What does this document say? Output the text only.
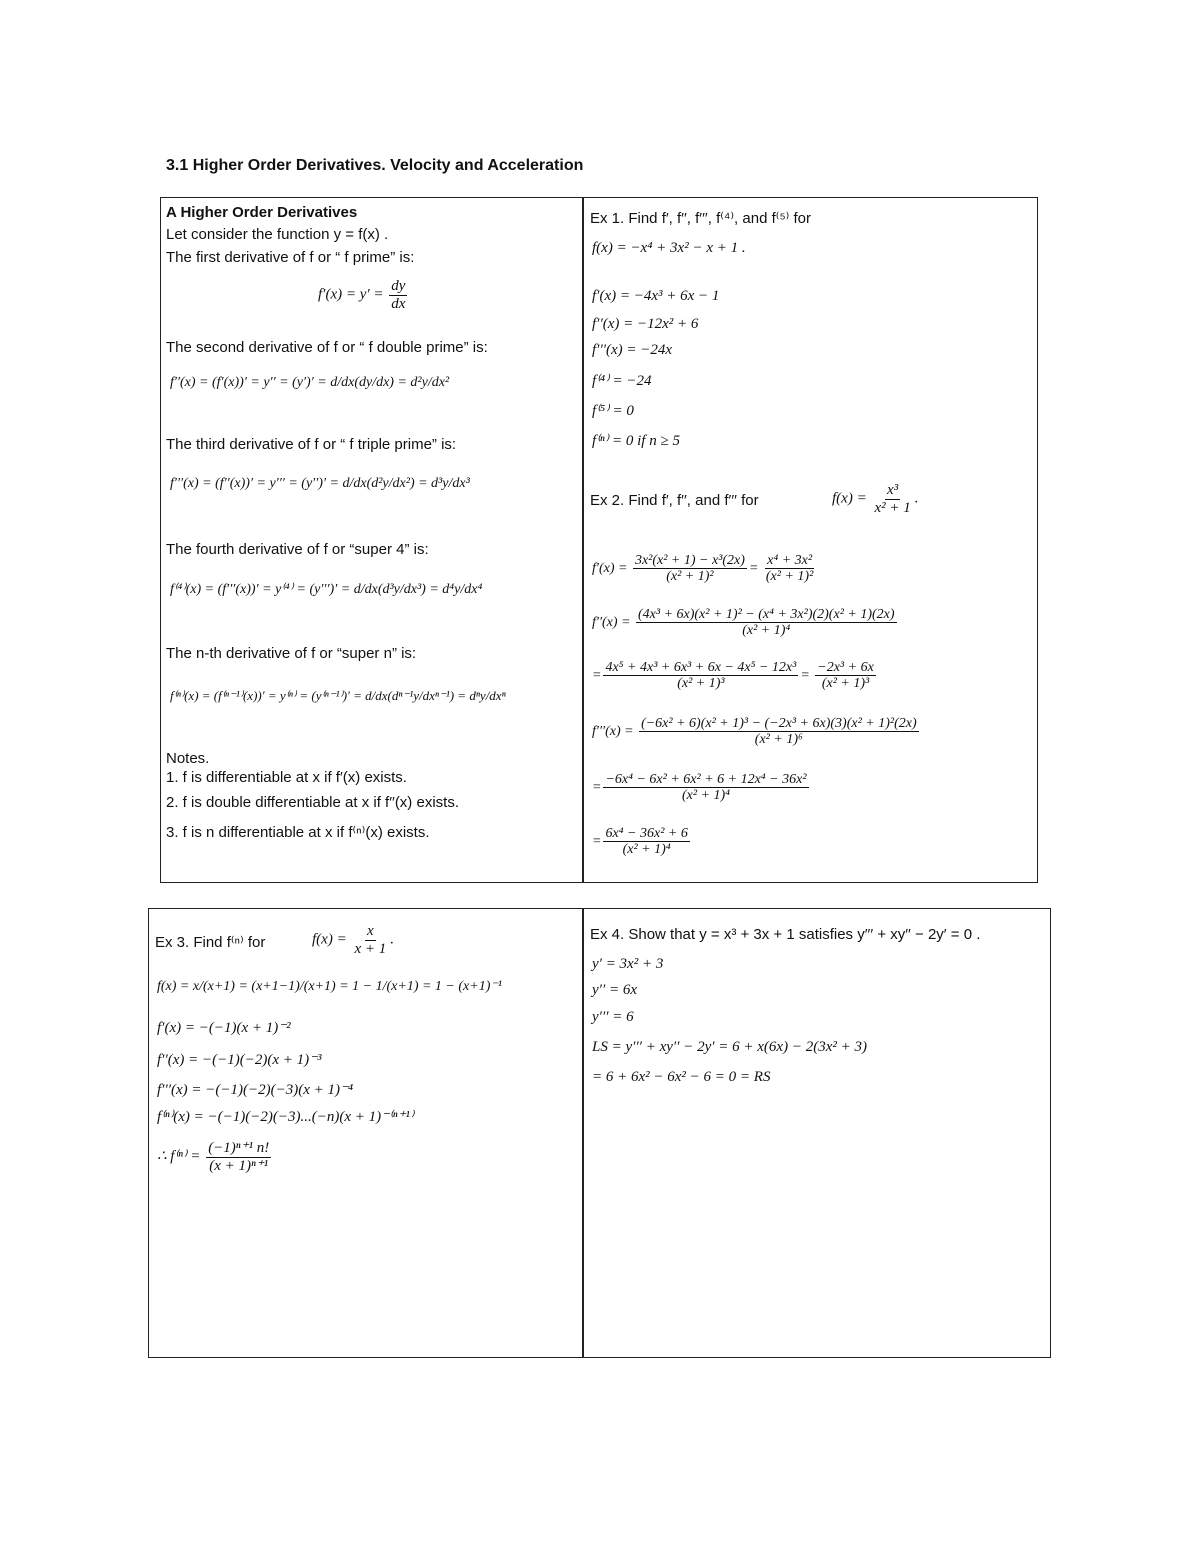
3.1 Higher Order Derivatives. Velocity and Acceleration
A Higher Order Derivatives
Let consider the function y = f(x) .
The first derivative of f or “ f prime” is:
$f'(x) = y' = \frac{dy}{dx}$
The second derivative of f or “ f double prime” is:
f′′(x) = (f′(x))′ = y′′ = (y′)′ = d/dx(dy/dx) = d²y/dx²
The third derivative of f or “ f triple prime” is:
f′′′(x) = (f′′(x))′ = y′′′ = (y′′)′ = d/dx(d²y/dx²) = d³y/dx³
The fourth derivative of f or “super 4” is:
f⁽⁴⁾(x) = (f′′′(x))′ = y⁽⁴⁾ = (y′′′)′ = d/dx(d³y/dx³) = d⁴y/dx⁴
The n-th derivative of f or “super n” is:
f⁽ⁿ⁾(x) = (f⁽ⁿ⁻¹⁾(x))′ = y⁽ⁿ⁾ = (y⁽ⁿ⁻¹⁾)′ = d/dx(dⁿ⁻¹y/dxⁿ⁻¹) = dⁿy/dxⁿ
Notes.
1. f is differentiable at x if f′(x) exists.
2. f is double differentiable at x if f′′(x) exists.
3. f is n differentiable at x if f⁽ⁿ⁾(x) exists.
Ex 1. Find f′, f′′, f′′′, f⁽⁴⁾, and f⁽⁵⁾ for
f(x) = −x⁴ + 3x² − x + 1 .
f′(x) = −4x³ + 6x − 1
f′′(x) = −12x² + 6
f′′′(x) = −24x
f⁽⁴⁾ = −24
f⁽⁵⁾ = 0
f⁽ⁿ⁾ = 0 if n ≥ 5
Ex 2. Find f′, f′′, and f′′′ for	$f(x) = \frac{\text{x³}}{\text{x² + 1}}$ .
$f'(x) = \frac{\text{3x²(x² + 1) − x³(2x)}}{\text{(x² + 1)²}} = \frac{\text{x⁴ + 3x²}}{\text{(x² + 1)²}}$
$f''(x) = \frac{\text{(4x³ + 6x)(x² + 1)² − (x⁴ + 3x²)(2)(x² + 1)(2x)}}{\text{(x² + 1)⁴}}$
= $\frac{\text{4x⁵ + 4x³ + 6x³ + 6x − 4x⁵ − 12x³}}{\text{(x² + 1)³}} = \frac{\text{−2x³ + 6x}}{\text{(x² + 1)³}}$
$f'''(x) = \frac{\text{(−6x² + 6)(x² + 1)³ − (−2x³ + 6x)(3)(x² + 1)²(2x)}}{\text{(x² + 1)⁶}}$
= $\frac{\text{−6x⁴ − 6x² + 6x² + 6 + 12x⁴ − 36x²}}{\text{(x² + 1)⁴}}$
= $\frac{\text{6x⁴ − 36x² + 6}}{\text{(x² + 1)⁴}}$
Ex 3. Find f⁽ⁿ⁾ for	$f(x) = \frac{x}{x + 1}$ .
f(x) = x/(x+1) = (x+1−1)/(x+1) = 1 − 1/(x+1) = 1 − (x+1)⁻¹
f′(x) = −(−1)(x + 1)⁻²
f′′(x) = −(−1)(−2)(x + 1)⁻³
f′′′(x) = −(−1)(−2)(−3)(x + 1)⁻⁴
f⁽ⁿ⁾(x) = −(−1)(−2)(−3)...(−n)(x + 1)⁻⁽ⁿ⁺¹⁾
∴ $f^{(n)} = \frac{\text{(−1)ⁿ⁺¹ n!}}{\text{(x + 1)ⁿ⁺¹}}$
Ex 4. Show that y = x³ + 3x + 1 satisfies y′′′ + xy′′ − 2y′ = 0 .
y′ = 3x² + 3
y′′ = 6x
y′′′ = 6
LS = y′′′ + xy′′ − 2y′ = 6 + x(6x) − 2(3x² + 3)
= 6 + 6x² − 6x² − 6 = 0 = RS
